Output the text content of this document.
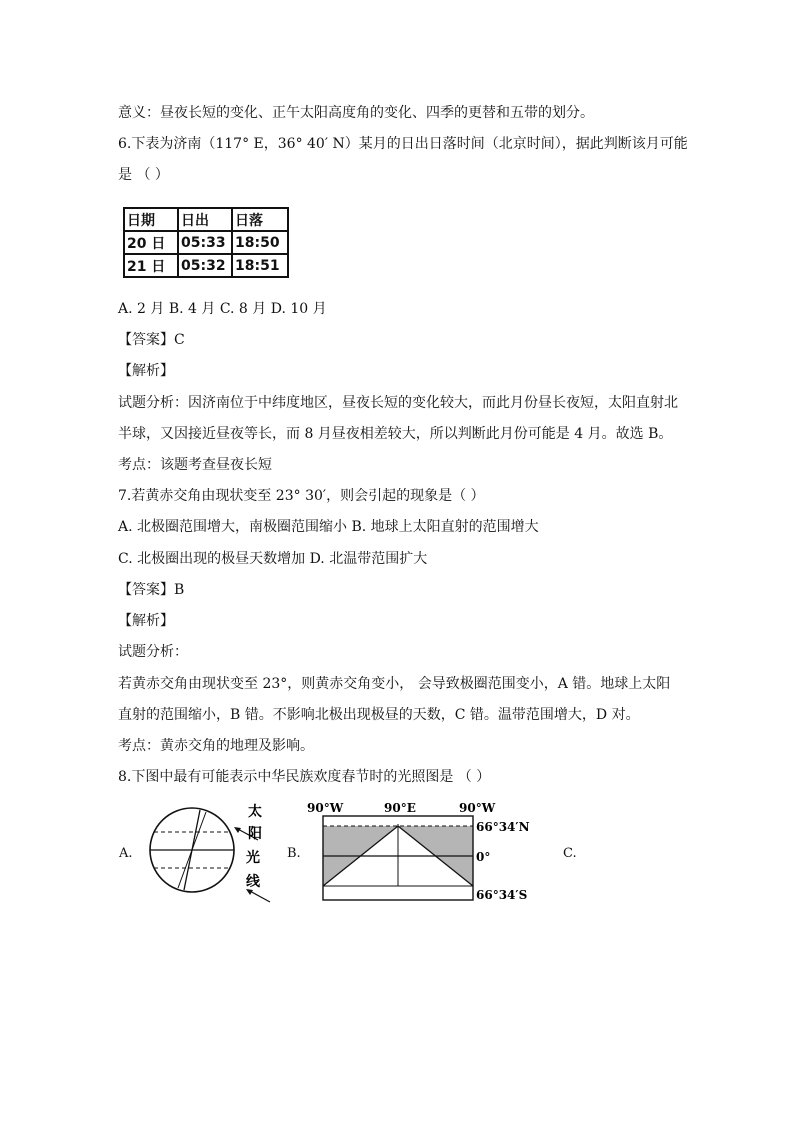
意义：昼夜长短的变化、正午太阳高度角的变化、四季的更替和五带的划分。
6.下表为济南（117° E，36° 40′ N）某月的日出日落时间（北京时间），据此判断该月可能
是 （ ）
日期	日出	日落
20 日	05:33	18:50
21 日	05:32	18:51
A. 2 月 B. 4 月 C. 8 月 D. 10 月
【答案】C
【解析】
试题分析：因济南位于中纬度地区，昼夜长短的变化较大，而此月份昼长夜短，太阳直射北
半球，又因接近昼夜等长，而 8 月昼夜相差较大，所以判断此月份可能是 4 月。故选 B。
考点：该题考查昼夜长短
7.若黄赤交角由现状变至 23° 30′，则会引起的现象是（ ）
A. 北极圈范围增大，南极圈范围缩小 B. 地球上太阳直射的范围增大
C. 北极圈出现的极昼天数增加 D. 北温带范围扩大
【答案】B
【解析】
试题分析：
若黄赤交角由现状变至 23°，则黄赤交角变小， 会导致极圈范围变小，A 错。地球上太阳
直射的范围缩小，B 错。不影响北极出现极昼的天数，C 错。温带范围增大，D 对。
考点：黄赤交角的地理及影响。
8.下图中最有可能表示中华民族欢度春节时的光照图是 （ ）
A.	B.	C.
太
阳
光
线
90°W	90°E	90°W
66°34′N
0°
66°34′S
